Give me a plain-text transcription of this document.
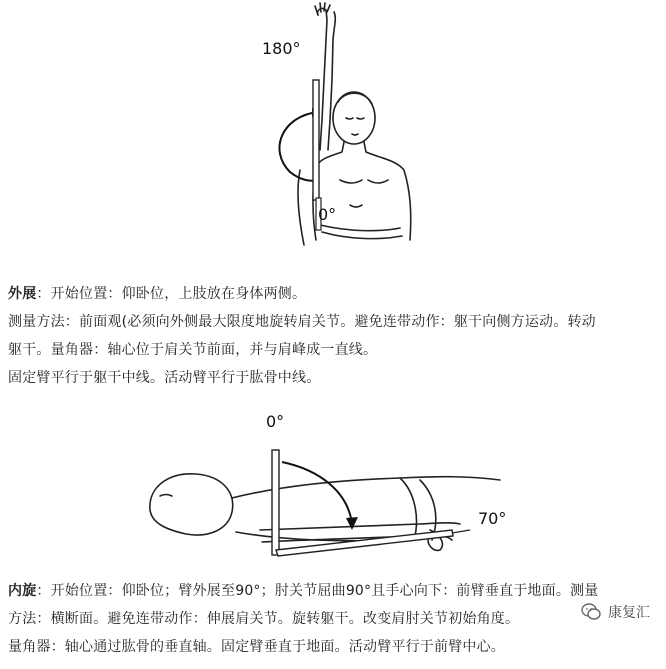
180°
0°
外展：开始位置：仰卧位，上肢放在身体两侧。
测量方法：前面观(必须向外侧最大限度地旋转肩关节。避免连带动作：躯干向侧方运动。转动
躯干。量角器：轴心位于肩关节前面，并与肩峰成一直线。
固定臂平行于躯干中线。活动臂平行于肱骨中线。
0°
70°
内旋：开始位置：仰卧位；臂外展至90°；肘关节屈曲90°且手心向下：前臂垂直于地面。测量
方法：横断面。避免连带动作：伸展肩关节。旋转躯干。改变肩肘关节初始角度。
量角器：轴心通过肱骨的垂直轴。固定臂垂直于地面。活动臂平行于前臂中心。
康复汇
